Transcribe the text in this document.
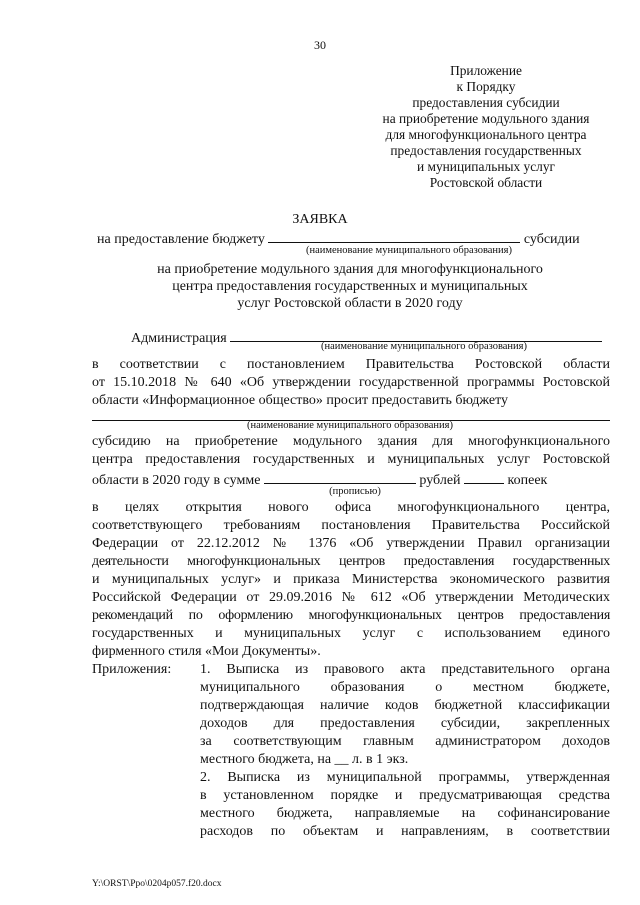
30
Приложение
к Порядку
предоставления субсидии
на приобретение модульного здания
для многофункционального центра
предоставления государственных
и муниципальных услуг
Ростовской области
ЗАЯВКА
на предоставление бюджету	субсидии
(наименование муниципального образования)
на приобретение модульного здания для многофункционального
центра предоставления государственных и муниципальных
услуг Ростовской области в 2020 году
Администрация
(наименование муниципального образования)
в соответствии с постановлением Правительства Ростовской области
от 15.10.2018 № 640 «Об утверждении государственной программы Ростовской
области «Информационное общество» просит предоставить бюджету
(наименование муниципального образования)
субсидию на приобретение модульного здания для многофункционального
центра предоставления государственных и муниципальных услуг Ростовской
области в 2020 году в сумме	рублей	копеек
(прописью)
в целях открытия нового офиса многофункционального центра,
соответствующего требованиям постановления Правительства Российской
Федерации от 22.12.2012 № 1376 «Об утверждении Правил организации
деятельности многофункциональных центров предоставления государственных
и муниципальных услуг» и приказа Министерства экономического развития
Российской Федерации от 29.09.2016 № 612 «Об утверждении Методических
рекомендаций по оформлению многофункциональных центров предоставления
государственных и муниципальных услуг с использованием единого
фирменного стиля «Мои Документы».
Приложения: 1. Выписка из правового акта представительного органа
муниципального образования о местном бюджете,
подтверждающая наличие кодов бюджетной классификации
доходов для предоставления субсидии, закрепленных
за соответствующим главным администратором доходов
местного бюджета, на __ л. в 1 экз.
2. Выписка из муниципальной программы, утвержденная
в установленном порядке и предусматривающая средства
местного бюджета, направляемые на софинансирование
расходов по объектам и направлениям, в соответствии
Y:\ORST\Ppo\0204p057.f20.docx
